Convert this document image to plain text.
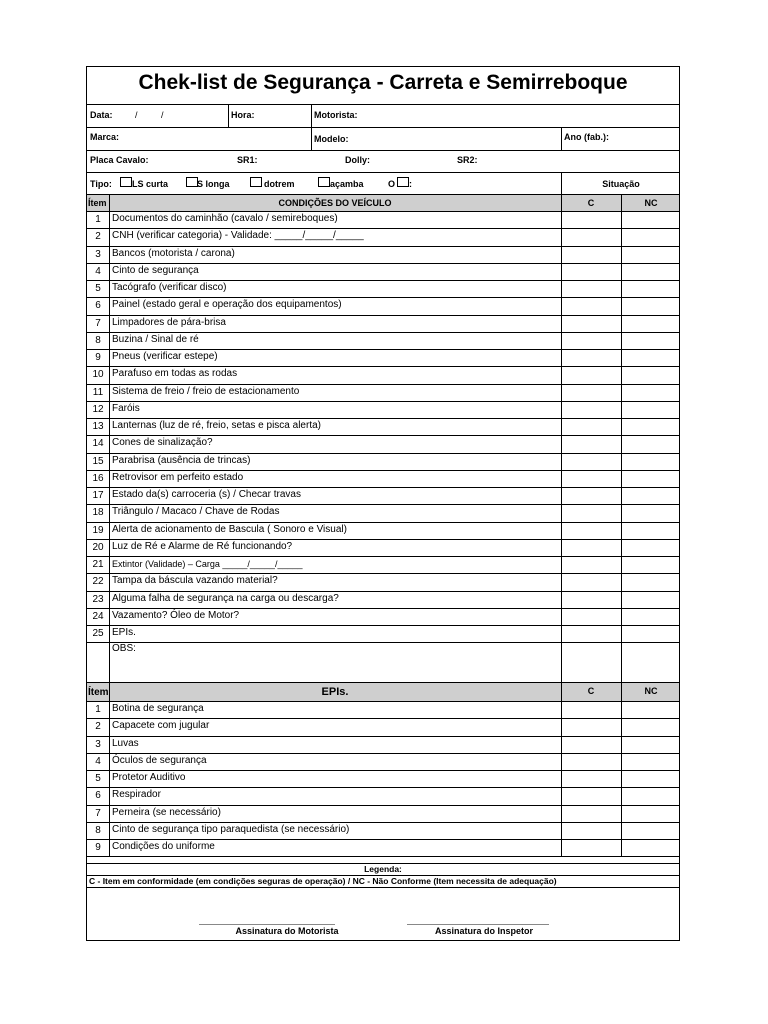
Chek-list de Segurança - Carreta e Semirreboque
Data: /	/	Hora:	Motorista:
Marca:	Modelo:	Ano (fab.):
Placa Cavalo:	SR1:	Dolly:	SR2:
Tipo: LS curta	S longa	dotrem	açamba	O :	Situação
Ítem	CONDIÇÕES DO VEÍCULO	C	NC
1	Documentos do caminhão (cavalo / semireboques)
2	CNH (verificar categoria) - Validade: _____/_____/_____
3	Bancos (motorista / carona)
4	Cinto de segurança
5	Tacógrafo (verificar disco)
6	Painel (estado geral e operação dos equipamentos)
7	Limpadores de pára-brisa
8	Buzina / Sinal de ré
9	Pneus (verificar estepe)
10 Parafuso em todas as rodas
11 Sistema de freio / freio de estacionamento
12 Faróis
13 Lanternas (luz de ré, freio, setas e pisca alerta)
14 Cones de sinalização?
15 Parabrisa (ausência de trincas)
16 Retrovisor em perfeito estado
17 Estado da(s) carroceria (s) / Checar travas
18 Triângulo / Macaco / Chave de Rodas
19 Alerta de acionamento de Bascula ( Sonoro e Visual)
20 Luz de Ré e Alarme de Ré funcionando?
21 Extintor (Validade) – Carga _____/_____/_____
22 Tampa da báscula vazando material?
23 Alguma falha de segurança na carga ou descarga?
24 Vazamento? Óleo de Motor?
25 EPIs.
OBS:
Ítem	EPIs.	C	NC
1	Botina de segurança
2	Capacete com jugular
3	Luvas
4	Óculos de segurança
5	Protetor Auditivo
6	Respirador
7	Perneira (se necessário)
8	Cinto de segurança tipo paraquedista (se necessário)
9	Condições do uniforme
Legenda:
C - Item em conformidade (em condições seguras de operação) / NC - Não Conforme (Item necessita de adequação)
Assinatura do Motorista	Assinatura do Inspetor
